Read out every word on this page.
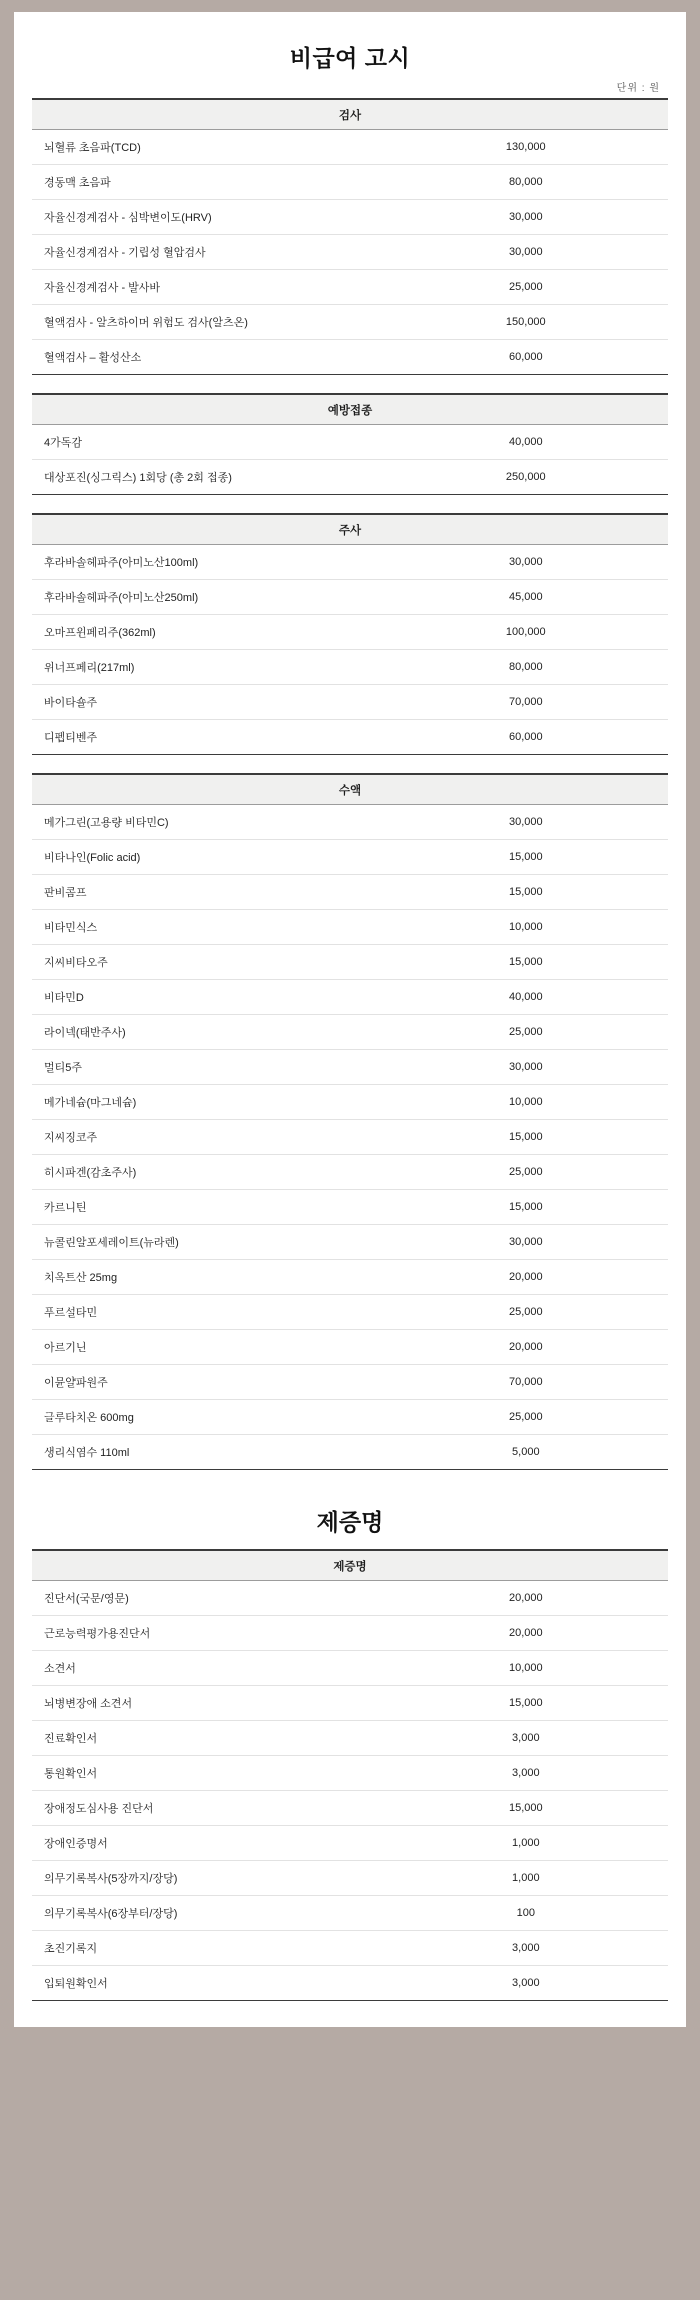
비급여 고시
단위 : 원
검사	
뇌혈류 초음파(TCD)	130,000
경동맥 초음파	80,000
자율신경계검사 - 심박변이도(HRV)	30,000
자율신경계검사 - 기립성 혈압검사	30,000
자율신경계검사 - 발사바	25,000
혈액검사 - 알츠하이머 위험도 검사(알츠온)	150,000
혈액검사 – 활성산소	60,000
예방접종	
4가독감	40,000
대상포진(싱그릭스) 1회당 (총 2회 접종)	250,000
주사	
후라바솔헤파주(아미노산100ml)	30,000
후라바솔헤파주(아미노산250ml)	45,000
오마프윈페리주(362ml)	100,000
위너프페리(217ml)	80,000
바이타숄주	70,000
디펩티벤주	60,000
수액	
메가그린(고용량 비타민C)	30,000
비타나인(Folic acid)	15,000
판비콤프	15,000
비타민식스	10,000
지씨비타오주	15,000
비타민D	40,000
라이넥(태반주사)	25,000
멀티5주	30,000
메가네슘(마그네슘)	10,000
지씨징코주	15,000
히시파겐(감초주사)	25,000
카르니틴	15,000
뉴콜린알포세레이트(뉴라렌)	30,000
치옥트산 25mg	20,000
푸르설타민	25,000
아르기닌	20,000
이뮨얄파원주	70,000
글루타치온 600mg	25,000
생리식염수 110ml	5,000
제증명
제증명	
진단서(국문/영문)	20,000
근로능력평가용진단서	20,000
소견서	10,000
뇌병변장애 소견서	15,000
진료확인서	3,000
통원확인서	3,000
장애정도심사용 진단서	15,000
장애인증명서	1,000
의무기록복사(5장까지/장당)	1,000
의무기록복사(6장부터/장당)	100
초진기록지	3,000
입퇴원확인서	3,000
